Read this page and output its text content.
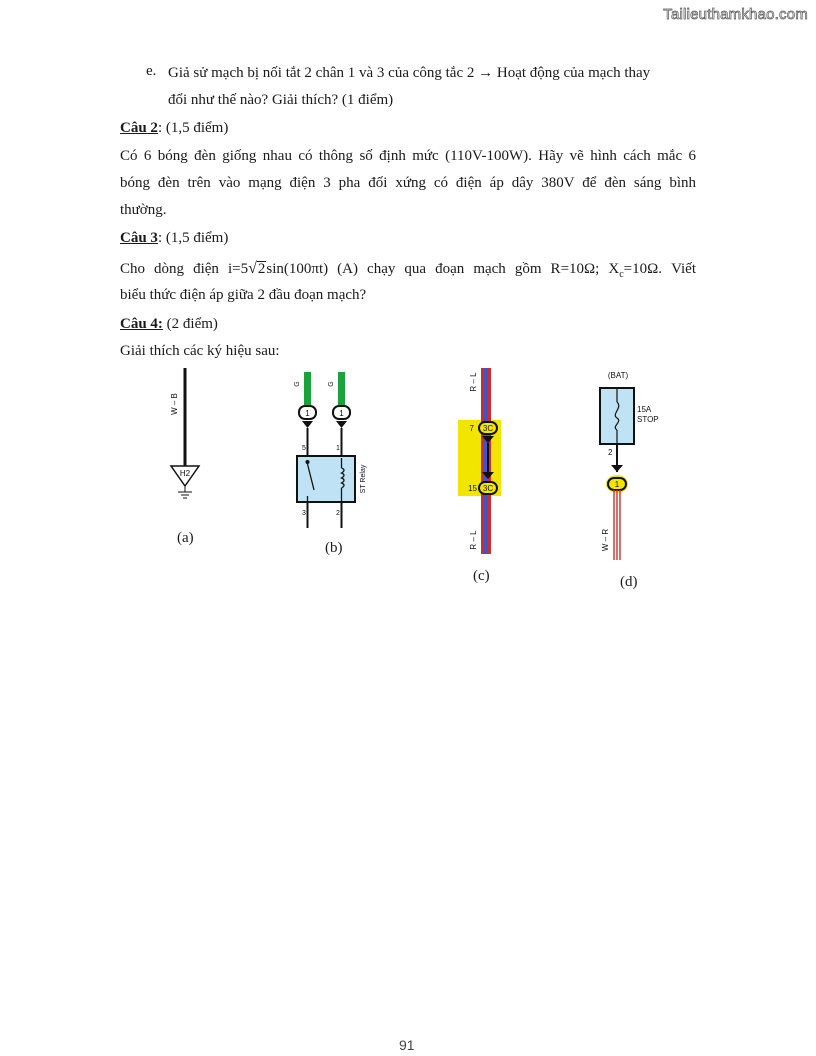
Tailieuthamkhao.com
e. Giả sử mạch bị nối tắt 2 chân 1 và 3 của công tắc 2 → Hoạt động của mạch thay
đổi như thế nào? Giải thích? (1 điểm)
Câu 2: (1,5 điểm)
Có 6 bóng đèn giống nhau có thông số định mức (110V-100W). Hãy vẽ hình cách mắc 6
bóng đèn trên vào mạng điện 3 pha đối xứng có điện áp dây 380V để đèn sáng bình
thường.
Câu 3: (1,5 điểm)
Cho dòng điện i=5√2sin(100πt) (A) chạy qua đoạn mạch gồm R=10Ω; $X_c=10\Omega$. Viết
biểu thức điện áp giữa 2 đầu đoạn mạch?
Câu 4: (2 điểm)
Giải thích các ký hiệu sau:
W – B
H2
(a)
G	G
1	1
5	1
3	2
ST Relay
(b)
R – L
R – L
3C
7
3C
15
(c)
(BAT)
15A
STOP
2
1
W – R
(d)
91
